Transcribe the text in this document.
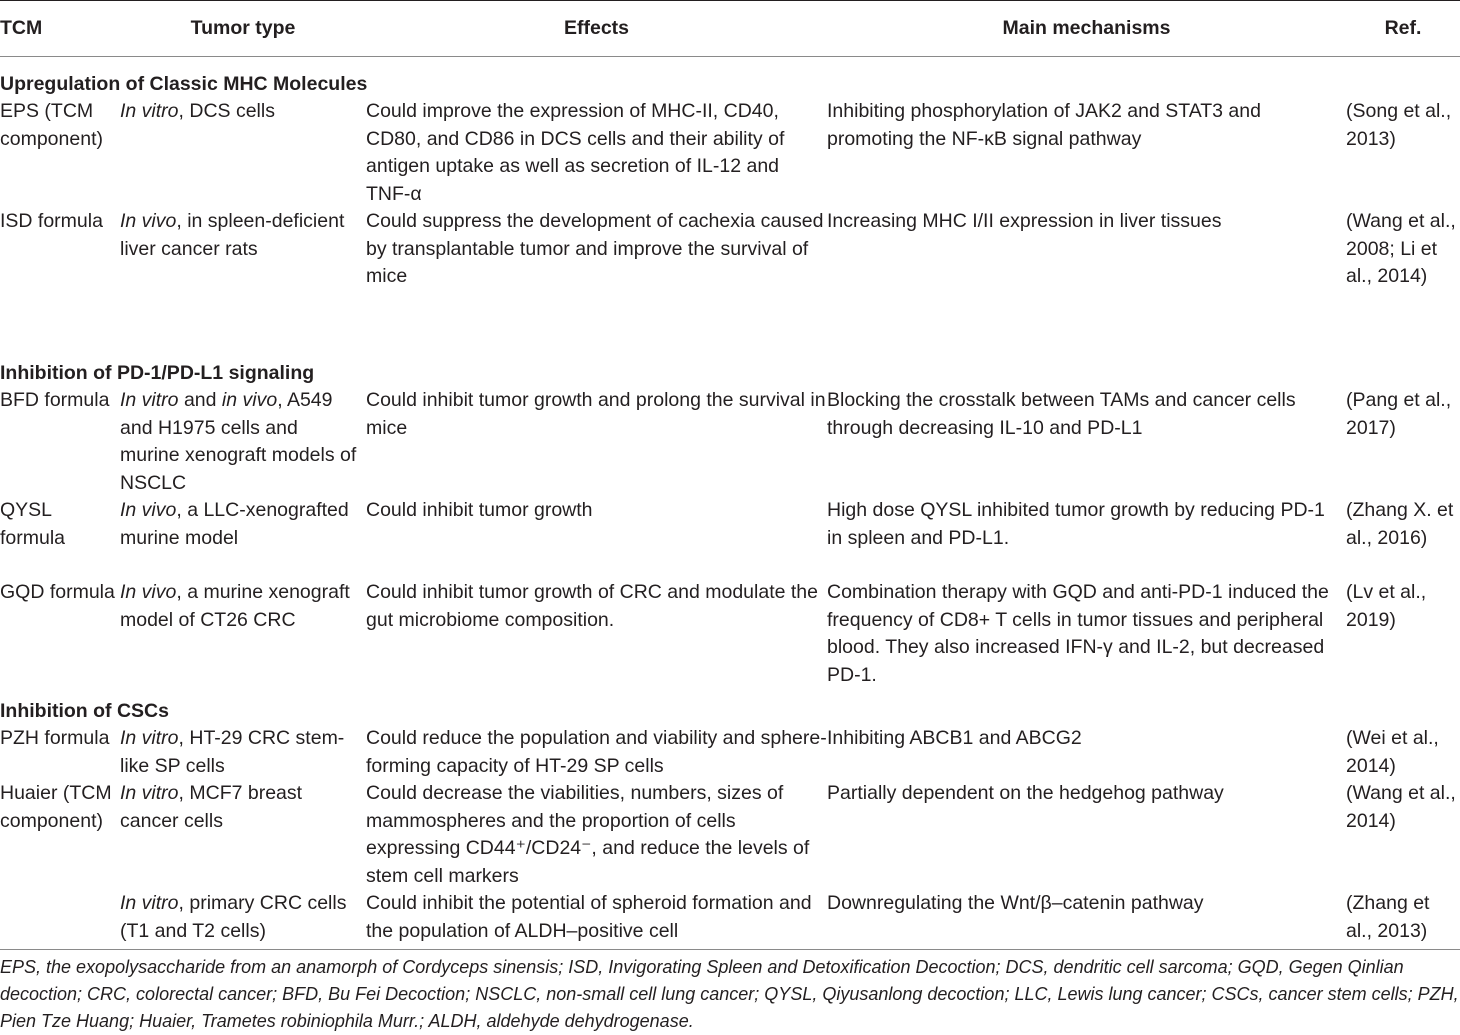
TCM	Tumor type	Effects	Main mechanisms	Ref.
Upregulation of Classic MHC Molecules				
EPS (TCM component)	In vitro, DCS cells	Could improve the expression of MHC-II, CD40, CD80, and CD86 in DCS cells and their ability of antigen uptake as well as secretion of IL-12 and TNF-α	Inhibiting phosphorylation of JAK2 and STAT3 and promoting the NF-κB signal pathway	(Song et al., 2013)
ISD formula	In vivo, in spleen-deficient liver cancer rats	Could suppress the development of cachexia caused by transplantable tumor and improve the survival of mice	Increasing MHC I/II expression in liver tissues	(Wang et al., 2008; Li et al., 2014)
Inhibition of PD-1/PD-L1 signaling				
BFD formula	In vitro and in vivo, A549 and H1975 cells and murine xenograft models of NSCLC	Could inhibit tumor growth and prolong the survival in mice	Blocking the crosstalk between TAMs and cancer cells through decreasing IL-10 and PD-L1	(Pang et al., 2017)
QYSL formula	In vivo, a LLC-xenografted murine model	Could inhibit tumor growth	High dose QYSL inhibited tumor growth by reducing PD-1 in spleen and PD-L1.	(Zhang X. et al., 2016)
GQD formula	In vivo, a murine xenograft model of CT26 CRC	Could inhibit tumor growth of CRC and modulate the gut microbiome composition.	Combination therapy with GQD and anti-PD-1 induced the frequency of CD8+ T cells in tumor tissues and peripheral blood. They also increased IFN-γ and IL-2, but decreased PD-1.	(Lv et al., 2019)
Inhibition of CSCs				
PZH formula	In vitro, HT-29 CRC stem-like SP cells	Could reduce the population and viability and sphere-forming capacity of HT-29 SP cells	Inhibiting ABCB1 and ABCG2	(Wei et al., 2014)
Huaier (TCM component)	In vitro, MCF7 breast cancer cells	Could decrease the viabilities, numbers, sizes of mammospheres and the proportion of cells expressing CD44⁺/CD24⁻, and reduce the levels of stem cell markers	Partially dependent on the hedgehog pathway	(Wang et al., 2014)
	In vitro, primary CRC cells (T1 and T2 cells)	Could inhibit the potential of spheroid formation and the population of ALDH–positive cell	Downregulating the Wnt/β–catenin pathway	(Zhang et al., 2013)
EPS, the exopolysaccharide from an anamorph of Cordyceps sinensis; ISD, Invigorating Spleen and Detoxification Decoction; DCS, dendritic cell sarcoma; GQD, Gegen Qinlian decoction; CRC, colorectal cancer; BFD, Bu Fei Decoction; NSCLC, non-small cell lung cancer; QYSL, Qiyusanlong decoction; LLC, Lewis lung cancer; CSCs, cancer stem cells; PZH, Pien Tze Huang; Huaier, Trametes robiniophila Murr.; ALDH, aldehyde dehydrogenase.
